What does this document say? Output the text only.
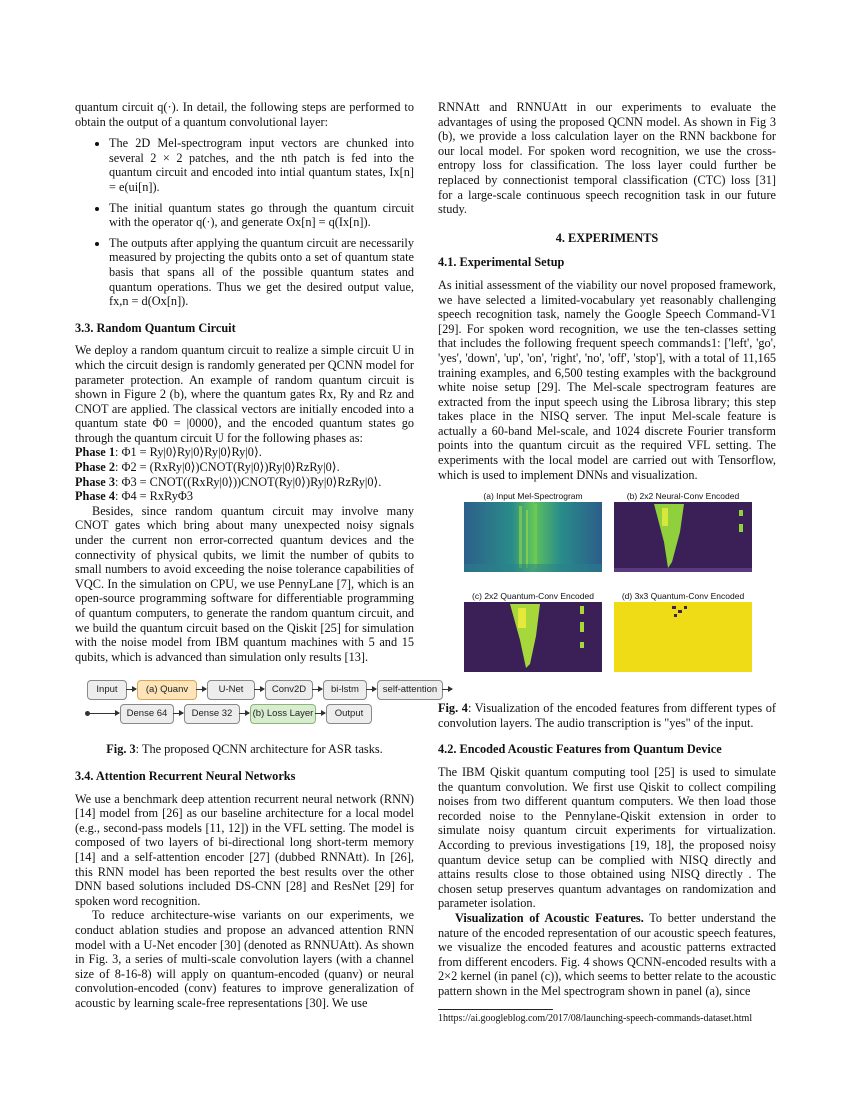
quantum circuit q(·). In detail, the following steps are performed to obtain the output of a quantum convolutional layer:

• The 2D Mel-spectrogram input vectors are chunked into several 2 × 2 patches, and the nth patch is fed into the quantum circuit and encoded into intial quantum states, Ix[n] = e(ui[n]).
• The initial quantum states go through the quantum circuit with the operator q(·), and generate Ox[n] = q(Ix[n]).
• The outputs after applying the quantum circuit are necessarily measured by projecting the qubits onto a set of quantum state basis that spans all of the possible quantum states and quantum operations. Thus we get the desired output value, fx,n = d(Ox[n]).
3.3. Random Quantum Circuit

We deploy a random quantum circuit to realize a simple circuit U in which the circuit design is randomly generated per QCNN model for parameter protection. An example of random quantum circuit is shown in Figure 2 (b), where the quantum gates Rx, Ry and Rz and CNOT are applied. The classical vectors are initially encoded into a quantum state Φ0 = |0000⟩, and the encoded quantum states go through the quantum circuit U for the following phases as:

Phase 1: Φ1 = Ry|0⟩Ry|0⟩Ry|0⟩Ry|0⟩.

Phase 2: Φ2 = (RxRy|0⟩)CNOT(Ry|0⟩)Ry|0⟩RzRy|0⟩.

Phase 3: Φ3 = CNOT((RxRy|0⟩))CNOT(Ry|0⟩)Ry|0⟩RzRy|0⟩.

Phase 4: Φ4 = RxRyΦ3

Besides, since random quantum circuit may involve many CNOT gates which bring about many unexpected noisy signals under the current non error-corrected quantum devices and the connectivity of physical qubits, we limit the number of qubits to small numbers to avoid exceeding the noise tolerance capabilities of VQC. In the simulation on CPU, we use PennyLane [7], which is an open-source programming software for differentiable programming of quantum computers, to generate the random quantum circuit, and we build the quantum circuit based on the Qiskit [25] for simulation with the noise model from IBM quantum machines with 5 and 15 qubits, which is advanced than simulation only results [13].

Input	(a) Quanv	U-Net	Conv2D	bi-lstm	self-attention
Dense 64	Dense 32	(b) Loss Layer	Output

Fig. 3: The proposed QCNN architecture for ASR tasks.

3.4. Attention Recurrent Neural Networks

We use a benchmark deep attention recurrent neural network (RNN) [14] model from [26] as our baseline architecture for a local model (e.g., second-pass models [11, 12]) in the VFL setting. The model is composed of two layers of bi-directional long short-term memory [14] and a self-attention encoder [27] (dubbed RNNAtt). In [26], this RNN model has been reported the best results over the other DNN based solutions included DS-CNN [28] and ResNet [29] for spoken word recognition.

To reduce architecture-wise variants on our experiments, we conduct ablation studies and propose an advanced attention RNN model with a U-Net encoder [30] (denoted as RNNUAtt). As shown in Fig. 3, a series of multi-scale convolution layers (with a channel size of 8-16-8) will apply on quantum-encoded (quanv) or neural convolution-encoded (conv) features to improve generalization of acoustic by learning scale-free representations [30]. We use

RNNAtt and RNNUAtt in our experiments to evaluate the advantages of using the proposed QCNN model. As shown in Fig 3 (b), we provide a loss calculation layer on the RNN backbone for our local model. For spoken word recognition, we use the cross-entropy loss for classification. The loss layer could further be replaced by connectionist temporal classification (CTC) loss [31] for a large-scale continuous speech recognition task in our future study.

4. EXPERIMENTS
4.1. Experimental Setup

As initial assessment of the viability our novel proposed framework, we have selected a limited-vocabulary yet reasonably challenging speech recognition task, namely the Google Speech Command-V1 [29]. For spoken word recognition, we use the ten-classes setting that includes the following frequent speech commands1: ['left', 'go', 'yes', 'down', 'up', 'on', 'right', 'no', 'off', 'stop'], with a total of 11,165 training examples, and 6,500 testing examples with the background white noise setup [29]. The Mel-scale spectrogram features are extracted from the input speech using the Librosa library; this step takes place in the NISQ server. The input Mel-scale feature is actually a 60-band Mel-scale, and 1024 discrete Fourier transform points into the quantum circuit as the required VFL setting. The experiments with the local model are carried out with Tensorflow, which is used to implement DNNs and visualization.

(a) Input Mel-Spectrogram	(b) 2x2 Neural-Conv Encoded
(c) 2x2 Quantum-Conv Encoded	(d) 3x3 Quantum-Conv Encoded

Fig. 4: Visualization of the encoded features from different types of convolution layers. The audio transcription is "yes" of the input.

4.2. Encoded Acoustic Features from Quantum Device

The IBM Qiskit quantum computing tool [25] is used to simulate the quantum convolution. We first use Qiskit to collect compiling noises from two different quantum computers. We then load those recorded noise to the Pennylane-Qiskit extension in order to simulate noisy quantum circuit experiments for virtualization. According to previous investigations [19, 18], the proposed noisy quantum device setup can be complied with NISQ directly and attains results close to those obtained using NISQ directly . The chosen setup preserves quantum advantages on randomization and parameter isolation.

Visualization of Acoustic Features. To better understand the nature of the encoded representation of our acoustic speech features, we visualize the encoded features and acoustic patterns extracted from different encoders. Fig. 4 shows QCNN-encoded results with a 2×2 kernel (in panel (c)), which seems to better relate to the acoustic pattern shown in the Mel spectrogram shown in panel (a), since

1https://ai.googleblog.com/2017/08/launching-speech-commands-dataset.html
